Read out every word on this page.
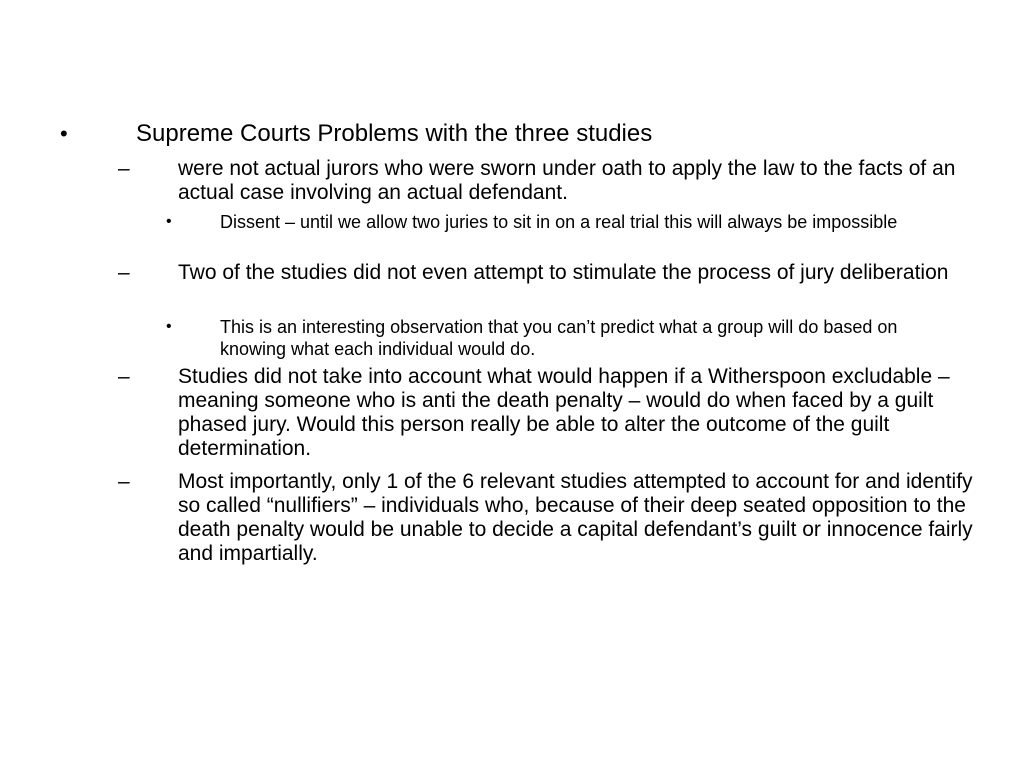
•	Supreme Courts Problems with the three studies
– were not actual jurors who were sworn under oath to apply the law to the facts of an actual case involving an actual defendant.
•	Dissent – until we allow two juries to sit in on a real trial this will always be impossible
– Two of the studies did not even attempt to stimulate the process of jury deliberation
•	This is an interesting observation that you can’t predict what a group will do based on knowing what each individual would do.
– Studies did not take into account what would happen if a Witherspoon excludable – meaning someone who is anti the death penalty – would do when faced by a guilt phased jury. Would this person really be able to alter the outcome of the guilt determination.
– Most importantly, only 1 of the 6 relevant studies attempted to account for and identify so called “nullifiers” – individuals who, because of their deep seated opposition to the death penalty would be unable to decide a capital defendant’s guilt or innocence fairly and impartially.
